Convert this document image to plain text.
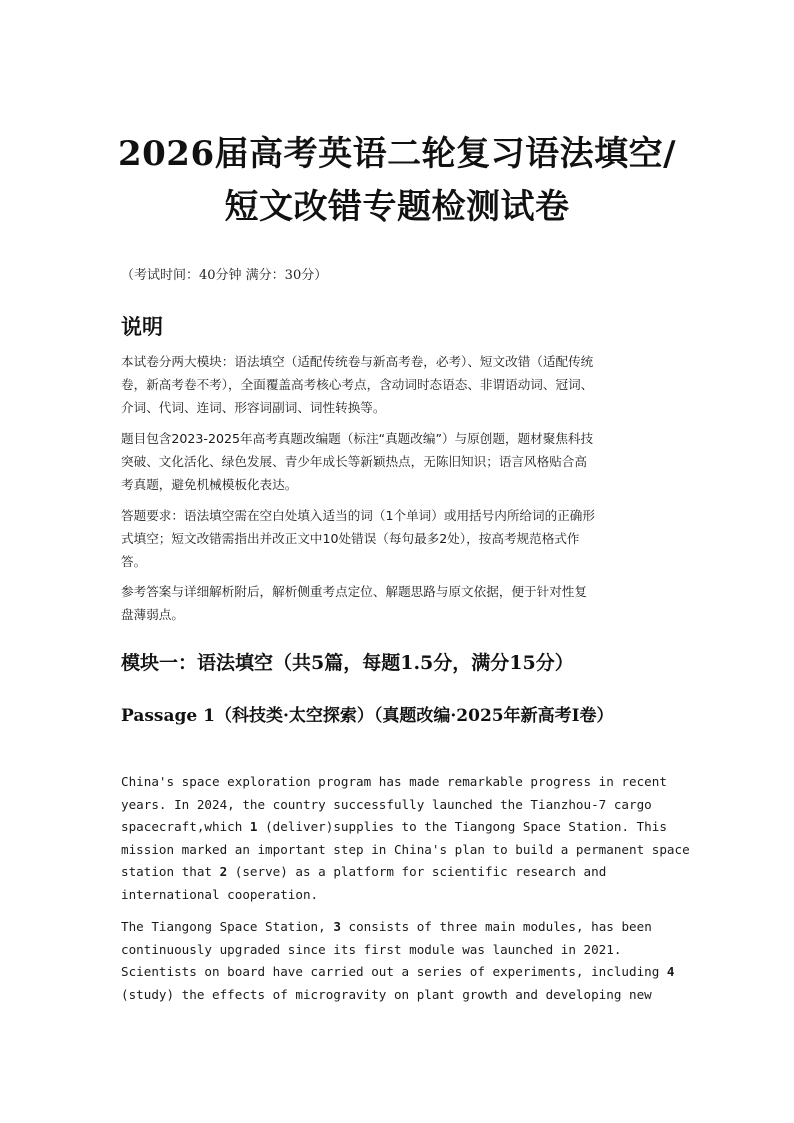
2026届高考英语二轮复习语法填空/
短文改错专题检测试卷
（考试时间：40分钟 满分：30分）
说明
本试卷分两大模块：语法填空（适配传统卷与新高考卷，必考）、短文改错（适配传统
卷，新高考卷不考），全面覆盖高考核心考点，含动词时态语态、非谓语动词、冠词、
介词、代词、连词、形容词副词、词性转换等。
题目包含2023-2025年高考真题改编题（标注“真题改编”）与原创题，题材聚焦科技
突破、文化活化、绿色发展、青少年成长等新颖热点，无陈旧知识；语言风格贴合高
考真题，避免机械模板化表达。
答题要求：语法填空需在空白处填入适当的词（1个单词）或用括号内所给词的正确形
式填空；短文改错需指出并改正文中10处错误（每句最多2处），按高考规范格式作
答。
参考答案与详细解析附后，解析侧重考点定位、解题思路与原文依据，便于针对性复
盘薄弱点。
模块一：语法填空（共5篇，每题1.5分，满分15分）
Passage 1（科技类·太空探索）（真题改编·2025年新高考Ⅰ卷）
China's space exploration program has made remarkable progress in recent
years. In 2024, the country successfully launched the Tianzhou-7 cargo
spacecraft,which 1 (deliver)supplies to the Tiangong Space Station. This
mission marked an important step in China's plan to build a permanent space
station that 2 (serve) as a platform for scientific research and
international cooperation.
The Tiangong Space Station, 3 consists of three main modules, has been
continuously upgraded since its first module was launched in 2021.
Scientists on board have carried out a series of experiments, including 4
(study) the effects of microgravity on plant growth and developing new
